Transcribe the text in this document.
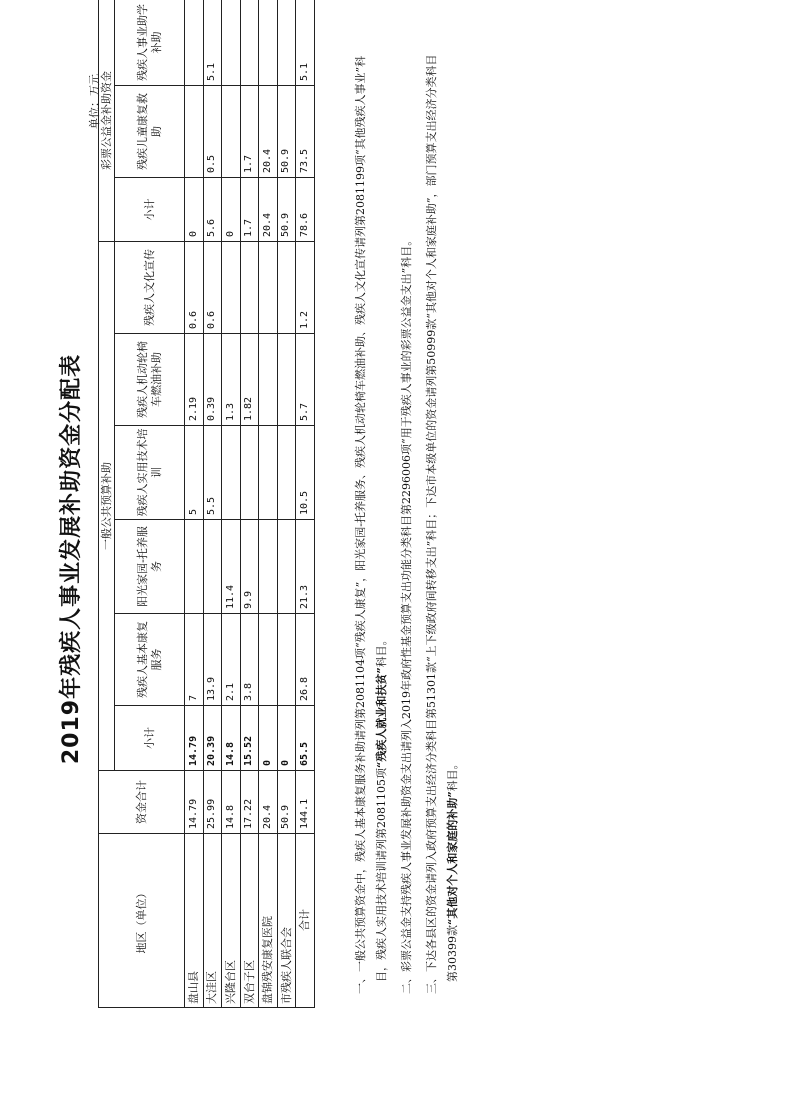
2019年残疾人事业发展补助资金分配表
单位：万元
地区（单位）	资金合计	一般公共预算补助						彩票公益金补助资金		
		小计	残疾人基本康复服务	阳光家园-托养服务	残疾人实用技术培训	残疾人机动轮椅车燃油补助	残疾人文化宣传	小计	残疾儿童康复救助	残疾人事业助学补助
盘山县	14.79	14.79	7		5	2.19	0.6	0		
大洼区	25.99	20.39	13.9		5.5	0.39	0.6	5.6	0.5	5.1
兴隆台区	14.8	14.8	2.1	11.4		1.3		0		
双台子区	17.22	15.52	3.8	9.9		1.82		1.7	1.7	
盘锦残安康复医院	20.4	0						20.4	20.4	
市残疾人联合会	50.9	0						50.9	50.9	
合计	144.1	65.5	26.8	21.3	10.5	5.7	1.2	78.6	73.5	5.1

一、一般公共预算资金中，残疾人基本康复服务补助请列第2081104项“残疾人康复”，阳光家园-托养服务、残疾人机动轮椅车燃油补助、残疾人文化宣传请列第2081199项“其他残疾人事业”科目，残疾人实用技术培训请列第2081105项“残疾人就业和扶贫”科目。

二、彩票公益金支持残疾人事业发展补助资金支出请列入2019年政府性基金预算支出功能分类科目第2296006项“用于残疾人事业的彩票公益金支出”科目。

三、下达各县区的资金请列入政府预算支出经济分类科目第51301款“上下级政府间转移支出”科目；下达市本级单位的资金请列第50999款“其他对个人和家庭补助”，部门预算支出经济分类科目第30399款“其他对个人和家庭的补助”科目。
